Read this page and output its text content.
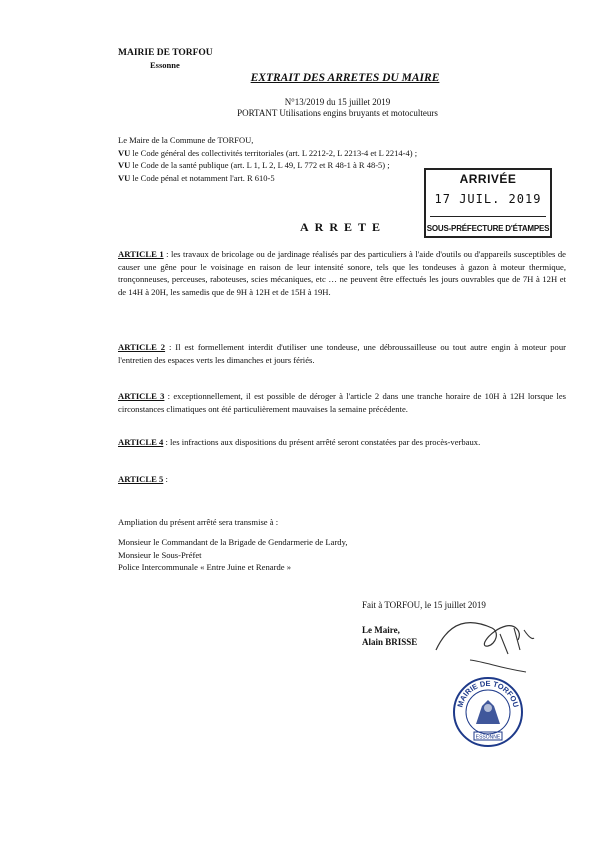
MAIRIE DE TORFOU
Essonne
EXTRAIT DES ARRETES DU MAIRE
N°13/2019 du 15 juillet 2019
PORTANT Utilisations engins bruyants et motoculteurs
Le Maire de la Commune de TORFOU,
VU le Code général des collectivités territoriales (art. L 2212-2, L 2213-4 et L 2214-4) ;
VU le Code de la santé publique (art. L 1, L 2, L 49, L 772 et R 48-1 à R 48-5) ;
VU le Code pénal et notamment l'art. R 610-5	ARRIVÉE
17 JUIL. 2019
SOUS-PRÉFECTURE D'ÉTAMPES
ARRETE
ARTICLE 1 : les travaux de bricolage ou de jardinage réalisés par des particuliers à l'aide d'outils ou d'appareils susceptibles de causer une gêne pour le voisinage en raison de leur intensité sonore, tels que les tondeuses à gazon à moteur thermique, tronçonneuses, perceuses, raboteuses, scies mécaniques, etc … ne peuvent être effectués les jours ouvrables que de 7H à 12H et de 14H à 20H, les samedis que de 9H à 12H et de 15H à 19H.
ARTICLE 2 : Il est formellement interdit d'utiliser une tondeuse, une débroussailleuse ou tout autre engin à moteur pour l'entretien des espaces verts les dimanches et jours fériés.
ARTICLE 3 : exceptionnellement, il est possible de déroger à l'article 2 dans une tranche horaire de 10H à 12H lorsque les circonstances climatiques ont été particulièrement mauvaises la semaine précédente.
ARTICLE 4 : les infractions aux dispositions du présent arrêté seront constatées par des procès-verbaux.
ARTICLE 5 :
Ampliation du présent arrêté sera transmise à :
Monsieur le Commandant de la Brigade de Gendarmerie de Lardy,
Monsieur le Sous-Préfet
Police Intercommunale « Entre Juine et Renarde »
Fait à TORFOU, le 15 juillet 2019
Le Maire,
Alain BRISSE
MAIRIE DE TORFOU
ESSONNE
